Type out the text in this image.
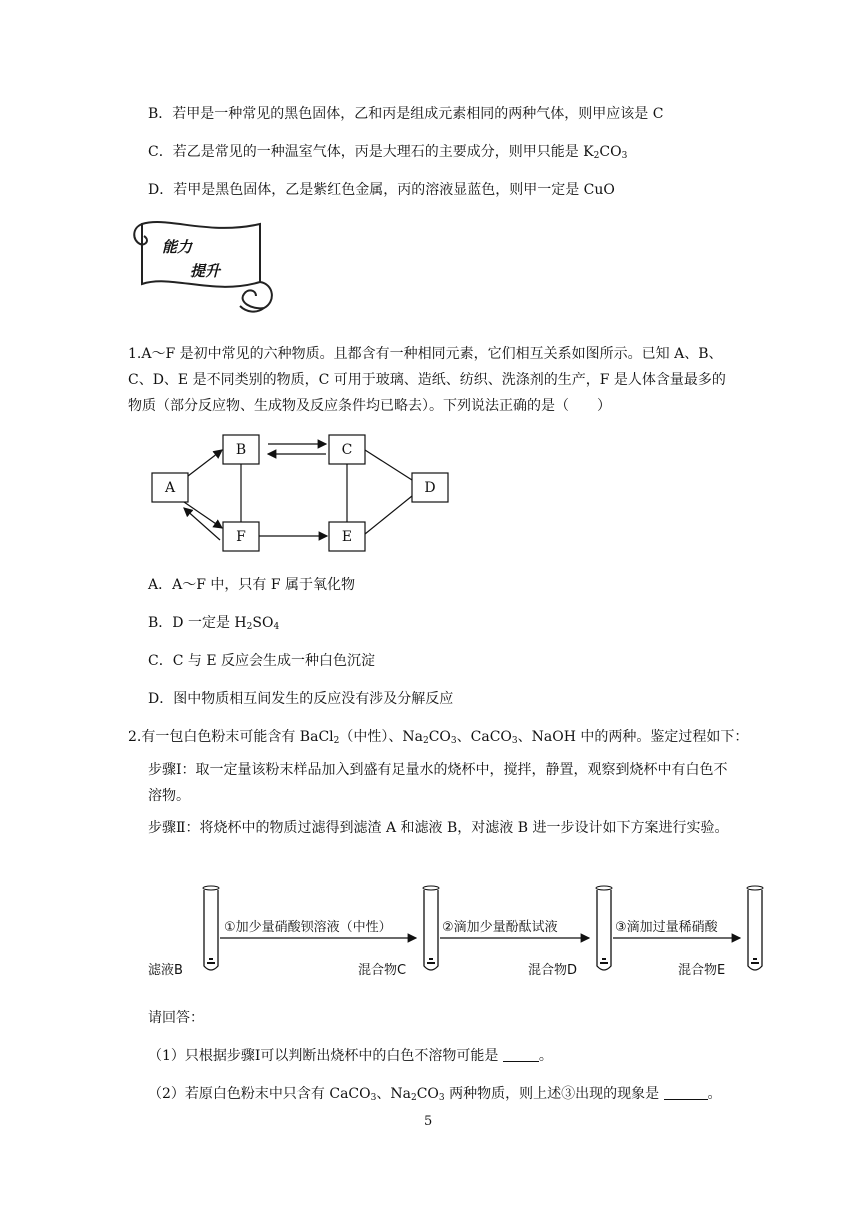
B．若甲是一种常见的黑色固体，乙和丙是组成元素相同的两种气体，则甲应该是 C
C．若乙是常见的一种温室气体，丙是大理石的主要成分，则甲只能是 $K_2CO_3$
D．若甲是黑色固体，乙是紫红色金属，丙的溶液显蓝色，则甲一定是 CuO
能力
提升
1.A～F 是初中常见的六种物质。且都含有一种相同元素，它们相互关系如图所示。已知 A、B、C、D、E 是不同类别的物质，C 可用于玻璃、造纸、纺织、洗涤剂的生产，F 是人体含量最多的物质（部分反应物、生成物及反应条件均已略去）。下列说法正确的是（　　）
A
B	C
D
E
F
A．A～F 中，只有 F 属于氧化物
B．D 一定是 $H_2SO_4$
C．C 与 E 反应会生成一种白色沉淀
D．图中物质相互间发生的反应没有涉及分解反应
2.有一包白色粉末可能含有 BaCl$_2$（中性）、$Na_2CO_3$、CaCO$_3$、NaOH 中的两种。鉴定过程如下：
步骤Ⅰ：取一定量该粉末样品加入到盛有足量水的烧杯中，搅拌，静置，观察到烧杯中有白色不溶物。
步骤Ⅱ：将烧杯中的物质过滤得到滤渣 A 和滤液 B，对滤液 B 进一步设计如下方案进行实验。
①加少量硝酸钡溶液（中性）	②滴加少量酚酞试液	③滴加过量稀硝酸
滤液B	混合物C	混合物D	混合物E
请回答：
（1）只根据步骤Ⅰ可以判断出烧杯中的白色不溶物可能是	。
（2）若原白色粉末中只含有 CaCO$_3$、$Na_2CO_3$ 两种物质，则上述③出现的现象是	。
5
